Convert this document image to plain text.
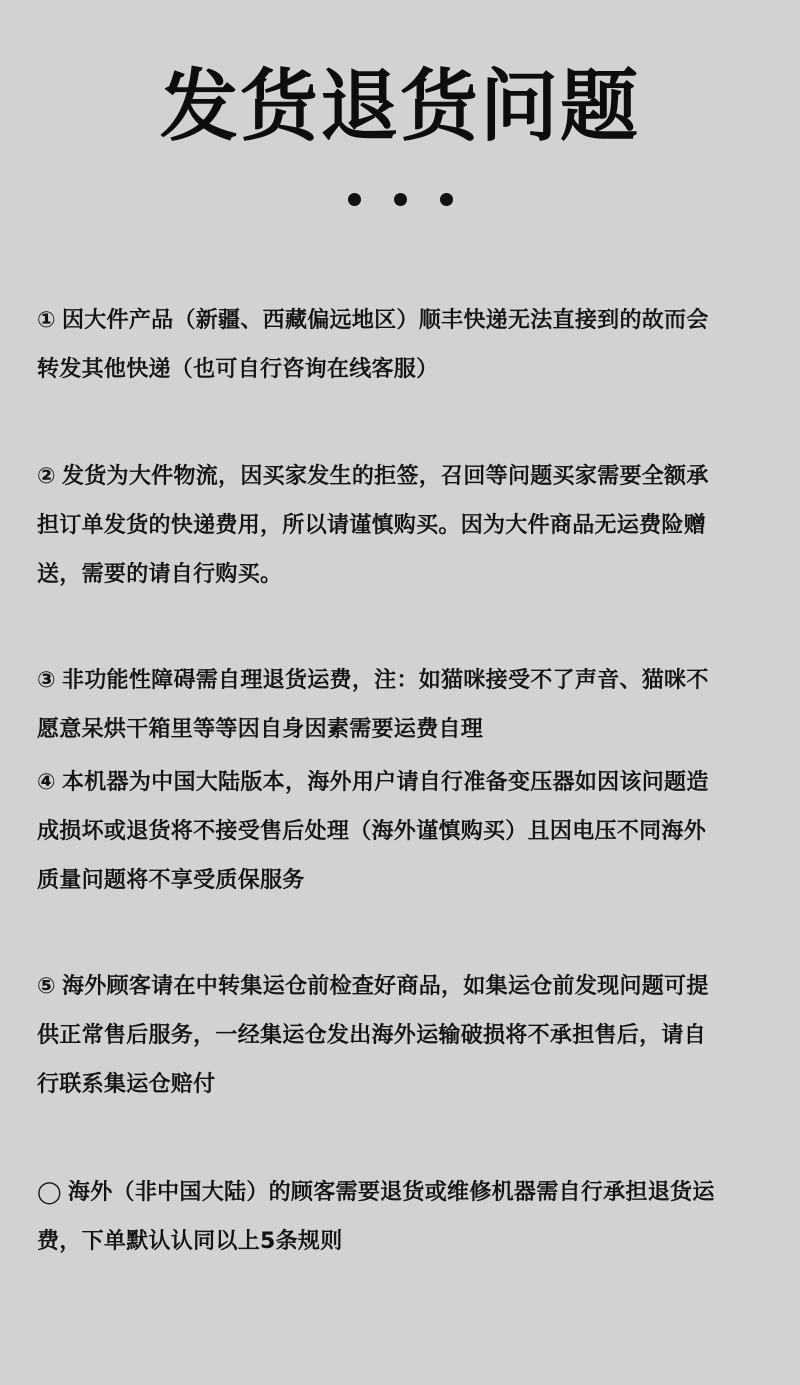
发货退货问题

① 因大件产品（新疆、西藏偏远地区）顺丰快递无法直接到的故而会
转发其他快递（也可自行咨询在线客服）

② 发货为大件物流，因买家发生的拒签，召回等问题买家需要全额承
担订单发货的快递费用，所以请谨慎购买。因为大件商品无运费险赠
送，需要的请自行购买。

③ 非功能性障碍需自理退货运费，注：如猫咪接受不了声音、猫咪不
愿意呆烘干箱里等等因自身因素需要运费自理

④ 本机器为中国大陆版本，海外用户请自行准备变压器如因该问题造
成损坏或退货将不接受售后处理（海外谨慎购买）且因电压不同海外
质量问题将不享受质保服务

⑤ 海外顾客请在中转集运仓前检查好商品，如集运仓前发现问题可提
供正常售后服务，一经集运仓发出海外运输破损将不承担售后，请自
行联系集运仓赔付

◯ 海外（非中国大陆）的顾客需要退货或维修机器需自行承担退货运
费，下单默认认同以上5条规则
